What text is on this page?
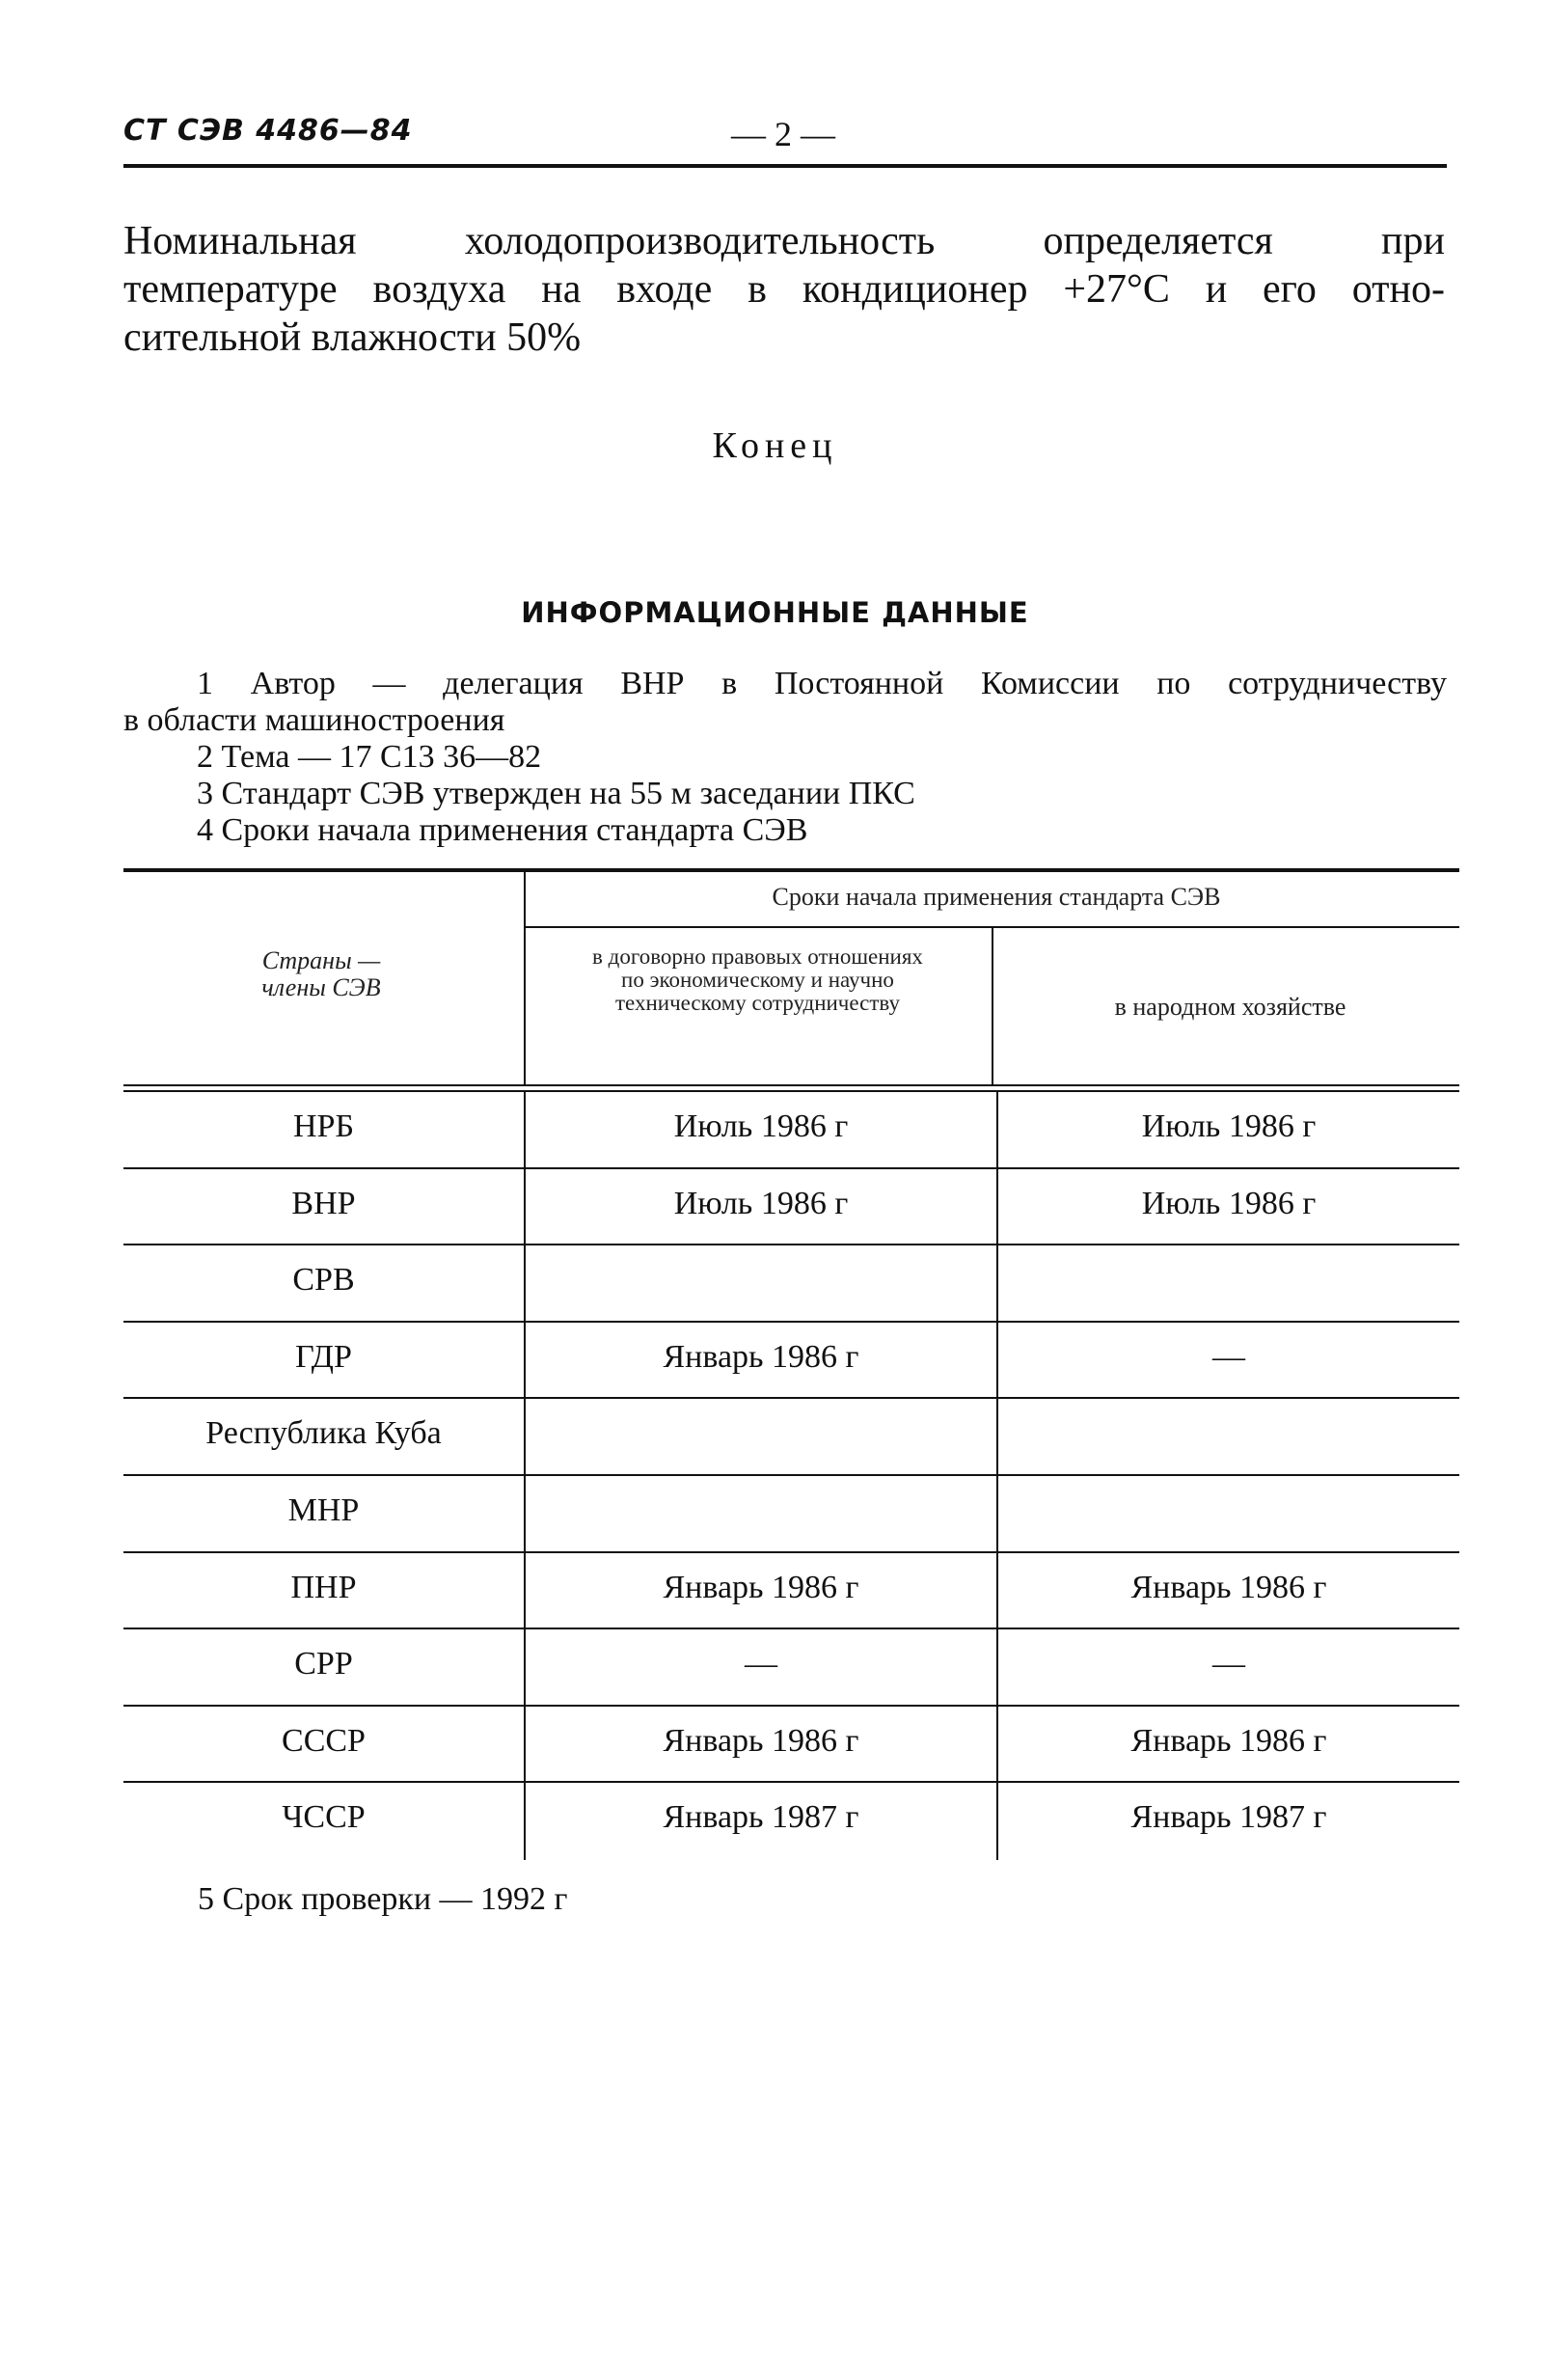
СТ СЭВ 4486—84	— 2 —
Номинальная холодопроизводительность определяется при
температуре воздуха на входе в кондиционер +27°С и его отно-
сительной влажности 50%
Конец
ИНФОРМАЦИОННЫЕ ДАННЫЕ
1 Автор — делегация ВНР в Постоянной Комиссии по сотрудничеству
в области машиностроения
2 Тема — 17 С13 36—82
3 Стандарт СЭВ утвержден на 55 м заседании ПКС
4 Сроки начала применения стандарта СЭВ
Сроки начала применения стандарта СЭВ
Страны — члены СЭВ
в договорно правовых отношениях по экономическому и научно техническому сотрудничеству	в народном хозяйстве
НРБ	Июль 1986 г	Июль 1986 г
ВНР	Июль 1986 г	Июль 1986 г
СРВ
ГДР	Январь 1986 г	—
Республика Куба
МНР
ПНР	Январь 1986 г	Январь 1986 г
СРР	—	—
СССР	Январь 1986 г	Январь 1986 г
ЧССР	Январь 1987 г	Январь 1987 г
5 Срок проверки — 1992 г
